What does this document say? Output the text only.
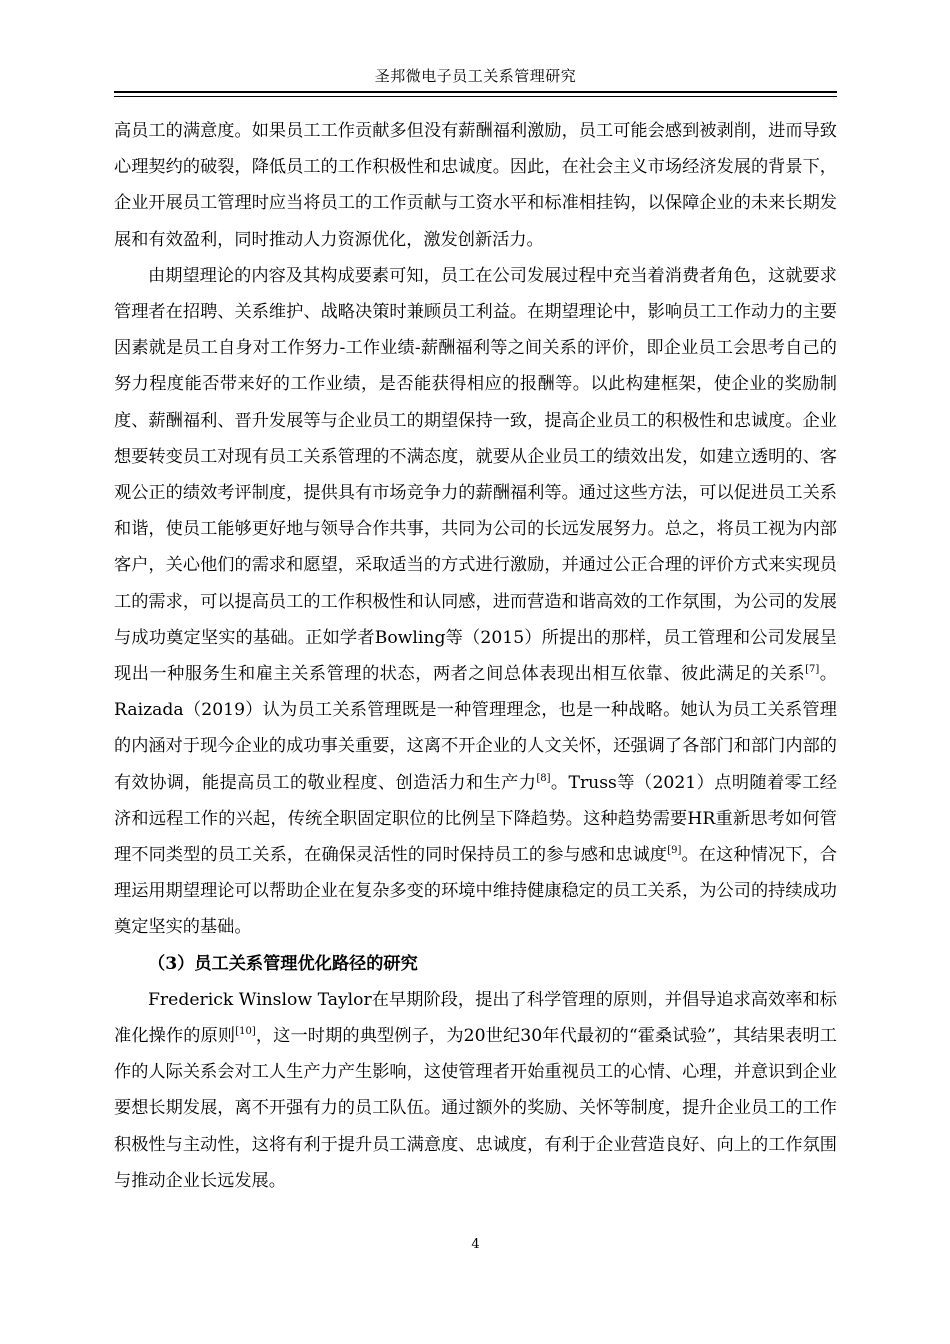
圣邦微电子员工关系管理研究

高员工的满意度。如果员工工作贡献多但没有薪酬福利激励，员工可能会感到被剥削，进而导致心理契约的破裂，降低员工的工作积极性和忠诚度。因此，在社会主义市场经济发展的背景下，企业开展员工管理时应当将员工的工作贡献与工资水平和标准相挂钩，以保障企业的未来长期发展和有效盈利，同时推动人力资源优化，激发创新活力。

由期望理论的内容及其构成要素可知，员工在公司发展过程中充当着消费者角色，这就要求管理者在招聘、关系维护、战略决策时兼顾员工利益。在期望理论中，影响员工工作动力的主要因素就是员工自身对工作努力-工作业绩-薪酬福利等之间关系的评价，即企业员工会思考自己的努力程度能否带来好的工作业绩，是否能获得相应的报酬等。以此构建框架，使企业的奖励制度、薪酬福利、晋升发展等与企业员工的期望保持一致，提高企业员工的积极性和忠诚度。企业想要转变员工对现有员工关系管理的不满态度，就要从企业员工的绩效出发，如建立透明的、客观公正的绩效考评制度，提供具有市场竞争力的薪酬福利等。通过这些方法，可以促进员工关系和谐，使员工能够更好地与领导合作共事，共同为公司的长远发展努力。总之，将员工视为内部客户，关心他们的需求和愿望，采取适当的方式进行激励，并通过公正合理的评价方式来实现员工的需求，可以提高员工的工作积极性和认同感，进而营造和谐高效的工作氛围，为公司的发展与成功奠定坚实的基础。正如学者Bowling等（2015）所提出的那样，员工管理和公司发展呈现出一种服务生和雇主关系管理的状态，两者之间总体表现出相互依靠、彼此满足的关系[7]。Raizada（2019）认为员工关系管理既是一种管理理念，也是一种战略。她认为员工关系管理的内涵对于现今企业的成功事关重要，这离不开企业的人文关怀，还强调了各部门和部门内部的有效协调，能提高员工的敬业程度、创造活力和生产力[8]。Truss等（2021）点明随着零工经济和远程工作的兴起，传统全职固定职位的比例呈下降趋势。这种趋势需要HR重新思考如何管理不同类型的员工关系，在确保灵活性的同时保持员工的参与感和忠诚度[9]。在这种情况下，合理运用期望理论可以帮助企业在复杂多变的环境中维持健康稳定的员工关系，为公司的持续成功奠定坚实的基础。

（3）员工关系管理优化路径的研究

Frederick Winslow Taylor在早期阶段，提出了科学管理的原则，并倡导追求高效率和标准化操作的原则[10]，这一时期的典型例子，为20世纪30年代最初的“霍桑试验”，其结果表明工作的人际关系会对工人生产力产生影响，这使管理者开始重视员工的心情、心理，并意识到企业要想长期发展，离不开强有力的员工队伍。通过额外的奖励、关怀等制度，提升企业员工的工作积极性与主动性，这将有利于提升员工满意度、忠诚度，有利于企业营造良好、向上的工作氛围与推动企业长远发展。

4
